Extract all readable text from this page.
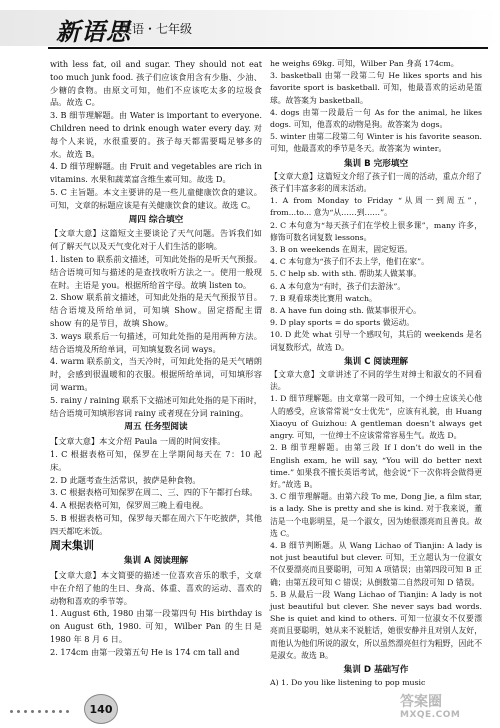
新语思
英语・七年级

with less fat, oil and sugar. They should not eat too much junk food. 孩子们应该食用含有少脂、少油、少糖的食物。由原文可知，他们不应该吃太多的垃圾食品。故选 C。

3. B 细节理解题。由 Water is important to everyone. Children need to drink enough water every day. 对每个人来说，水很重要的。孩子每天都需要喝足够多的水。故选 B。

4. D 细节理解题。由 Fruit and vegetables are rich in vitamins. 水果和蔬菜富含维生素可知。故选 D。

5. C 主旨题。本文主要讲的是一些儿童健康饮食的建议。可知，文章的标题应该是有关健康饮食的建议。故选 C。

周四 综合填空

【文章大意】这篇短文主要谈论了天气问题。告诉我们如何了解天气以及天气变化对于人们生活的影响。

1. listen to 联系前文描述，可知此处指的是听天气预报。结合语境可知与描述的是查找收听方法之一。使用一般现在时。主语是 you。根据所给首字母。故填 listen to。

2. Show 联系前文描述，可知此处指的是天气预报节目。结合语境及所给单词，可知填 Show。固定搭配主谓 show 有的是节目，故填 Show。

3. ways 联系后一句描述，可知此处指的是用两种方法。结合语境及所给单词，可知填复数名词 ways。

4. warm 联系前文，当天冷时，可知此处指的是天气晴朗时，会感到很温暖和的衣服。根据所给单词，可知填形容词 warm。

5. rainy / raining 联系下文描述可知此处指的是下雨时，结合语境可知填形容词 rainy 或者现在分词 raining。

周五 任务型阅读

【文章大意】本文介绍 Paula 一周的时间安排。

1. C 根据表格可知，保罗在上学期间每天在 7：10 起床。

2. D 此题考查生活常识，披萨是种食物。

3. C 根据表格可知保罗在周二、三、四的下午都打台球。

4. A 根据表格可知，保罗周三晚上看电视。

5. B 根据表格可知，保罗每天都在周六下午吃披萨，其他四天都吃米饭。

周末集训
集训 A 阅读理解

【文章大意】本文简要的描述一位喜欢音乐的歌手，文章中在介绍了他的生日、身高、体重、喜欢的运动、喜欢的动物和喜欢的季节等。

1. August 6th, 1980 由第一段第四句 His birthday is on August 6th, 1980. 可知，Wilber Pan 的生日是 1980 年 8 月 6 日。

2. 174cm 由第一段第五句 He is 174 cm tall and

he weighs 69kg. 可知，Wilber Pan 身高 174cm。

3. basketball 由第一段第二句 He likes sports and his favorite sport is basketball. 可知，他最喜欢的运动是篮球。故答案为 basketball。

4. dogs 由第一段最后一句 As for the animal, he likes dogs. 可知，他喜欢的动物是狗。故答案为 dogs。

5. winter 由第二段第二句 Winter is his favorite season. 可知，他最喜欢的季节是冬天。故答案为 winter。

集训 B 完形填空

【文章大意】这篇短文介绍了孩子们一周的活动，重点介绍了孩子们丰富多彩的周末活动。

1. A from Monday to Friday “从周一到周五”，from...to... 意为“从……到……”。

2. C 本句意为“每天孩子们在学校上很多课”，many 许多，修饰可数名词复数 lessons。

3. B on weekends 在周末，固定短语。

4. C 本句意为“孩子们不去上学，他们在家”。

5. C help sb. with sth. 帮助某人做某事。

6. A 本句意为“有时，孩子们去游泳”。

7. B 观看球类比赛用 watch。

8. A have fun doing sth. 做某事很开心。

9. D play sports = do sports 做运动。

10. D 此处 what 引导一个感叹句，其后的 weekends 是名词复数形式，故选 D。

集训 C 阅读理解

【文章大意】文章讲述了不同的学生对绅士和淑女的不同看法。

1. D 细节理解题。由文章第一段可知，一个绅士应该关心他人的感受，应该常常说“女士优先”，应该有礼貌，由 Huang Xiaoyu of Guizhou: A gentleman doesn’t always get angry. 可知，一位绅士不应该常常容易生气。故选 D。

2. B 细节理解题。由第三段 If I don’t do well in the English exam, he will say, “You will do better next time.” 如果我不擅长英语考试，他会说“下一次你将会做得更好。”故选 B。

3. C 细节理解题。由第六段 To me, Dong Jie, a film star, is a lady. She is pretty and she is kind. 对于我来说，董洁是一个电影明星，是一个淑女，因为她很漂亮而且善良。故选 C。

4. B 细节判断题。从 Wang Lichao of Tianjin: A lady is not just beautiful but clever. 可知，王立超认为一位淑女不仅要漂亮而且要聪明，可知 A 项错误；由第四段可知 B 正确；由第五段可知 C 错误；从倒数第二自然段可知 D 错误。

5. B 从最后一段 Wang Lichao of Tianjin: A lady is not just beautiful but clever. She never says bad words. She is quiet and kind to others. 可知一位淑女不仅要漂亮而且要聪明，她从来不说脏话，她很安静并且对别人友好，而他认为他们所说的淑女，所以虽然漂亮但行为粗野，因此不是淑女。故选 B。

集训 D 基础写作

A) 1. Do you like listening to pop music

140	答案圈
MXQE.COM
